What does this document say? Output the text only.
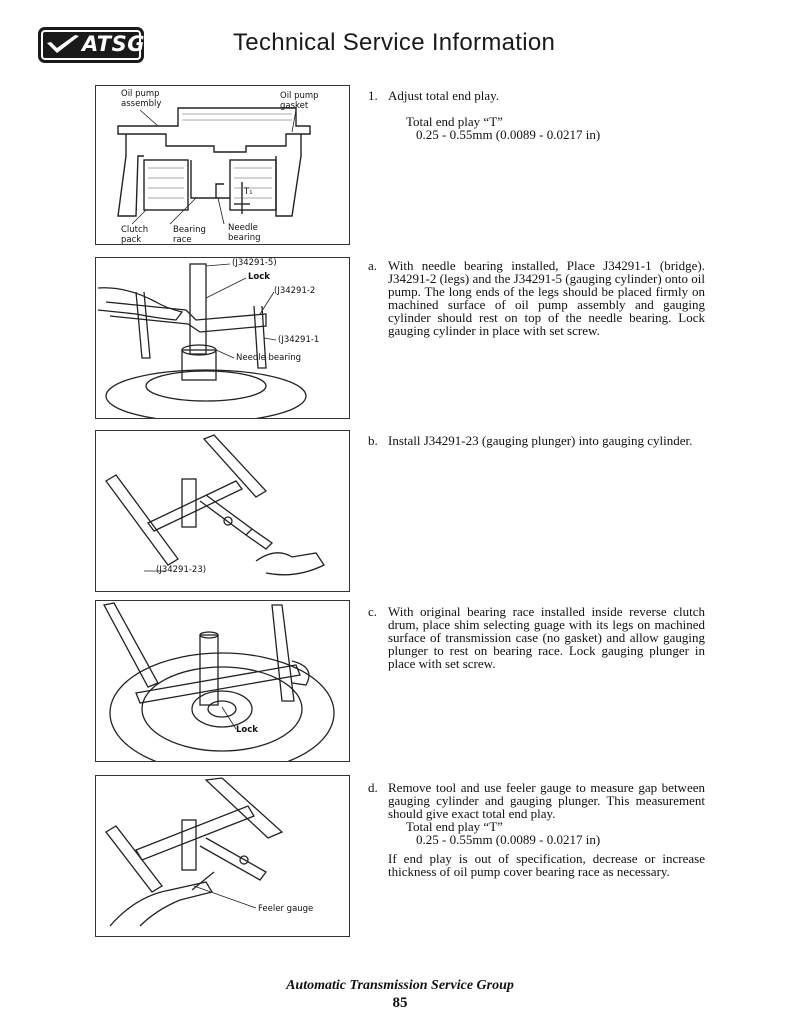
ATSG	Technical Service Information
Oil pump
assembly
Oil pump
gasket
Clutch
pack
Bearing
race
Needle
bearing
T₁
(J34291-5)
Lock
(J34291-2
(J34291-1
Needle bearing
(J34291-23)
Lock
Feeler gauge
1. Adjust total end play.
Total end play “T”
0.25 - 0.55mm (0.0089 - 0.0217 in)
a. With needle bearing installed, Place J34291-1 (bridge). J34291-2 (legs) and the J34291-5 (gauging cylinder) onto oil pump. The long ends of the legs should be placed firmly on machined surface of oil pump assembly and gauging cylinder should rest on top of the needle bearing. Lock gauging cylinder in place with set screw.
b. Install J34291-23 (gauging plunger) into gauging cylinder.
c. With original bearing race installed inside reverse clutch drum, place shim selecting guage with its legs on machined surface of transmission case (no gasket) and allow gauging plunger to rest on bearing race. Lock gauging plunger in place with set screw.
d. Remove tool and use feeler gauge to measure gap between gauging cylinder and gauging plunger. This measurement should give exact total end play.
Total end play “T”
0.25 - 0.55mm (0.0089 - 0.0217 in)
If end play is out of specification, decrease or increase thickness of oil pump cover bearing race as necessary.
Automatic Transmission Service Group
85
